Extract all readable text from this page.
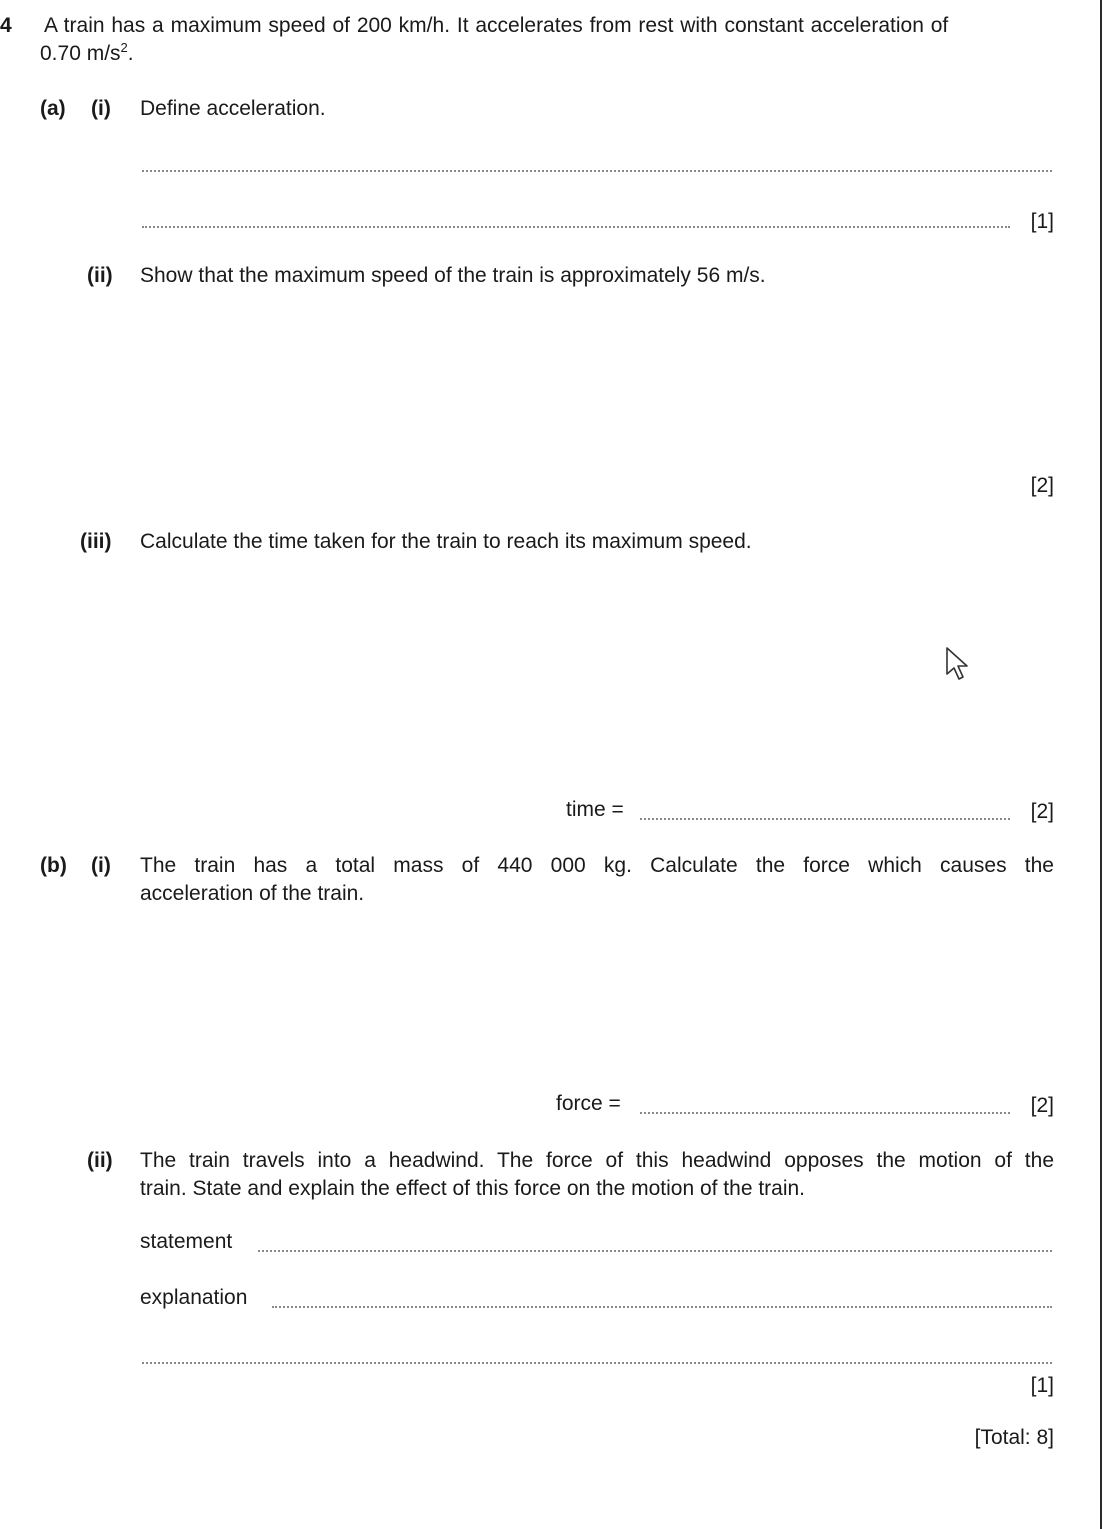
4 A train has a maximum speed of 200 km/h. It accelerates from rest with constant acceleration of
0.70 $m/s^2$.
(a) (i) Define acceleration.
[1]
(ii) Show that the maximum speed of the train is approximately 56 m/s.
[2]
(iii) Calculate the time taken for the train to reach its maximum speed.
time =	[2]
(b) (i) The train has a total mass of 440 000 kg. Calculate the force which causes the
acceleration of the train.
force =	[2]
(ii) The train travels into a headwind. The force of this headwind opposes the motion of the
train. State and explain the effect of this force on the motion of the train.
statement
explanation
[1]
[Total: 8]
